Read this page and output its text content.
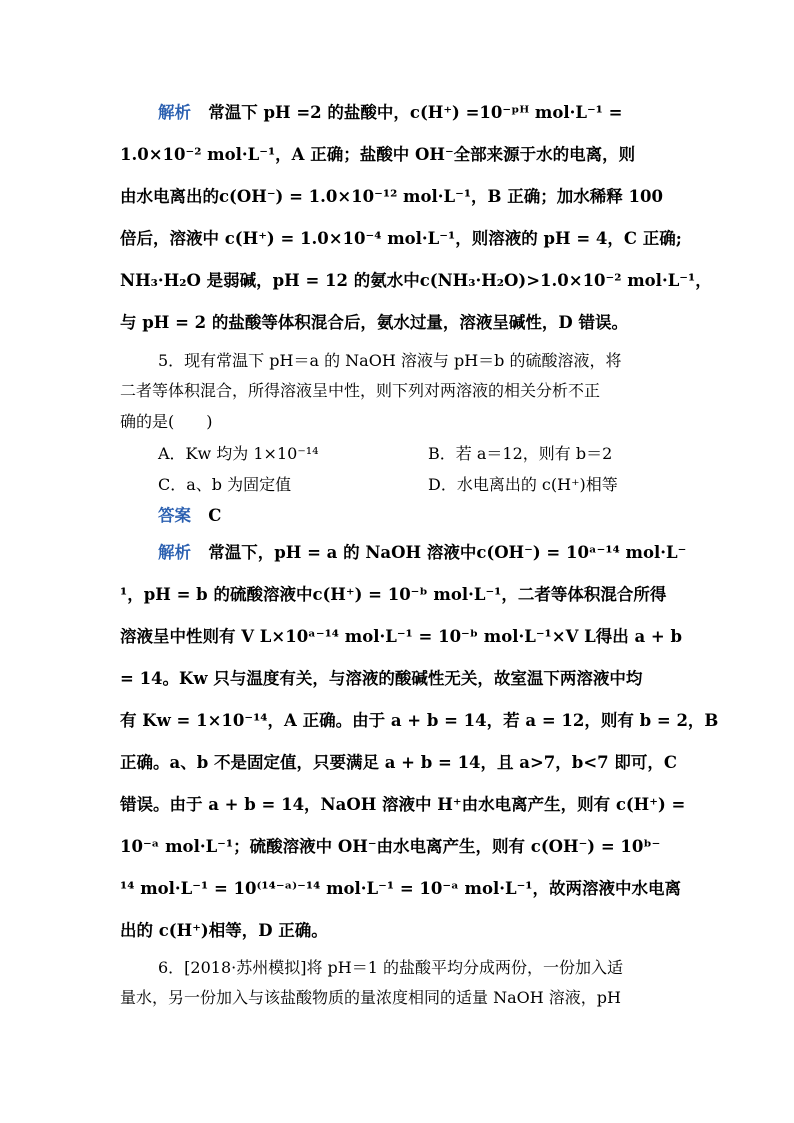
解析 常温下 pH =2 的盐酸中，c(H⁺) =10⁻ᵖᴴ mol·L⁻¹ =
1.0×10⁻² mol·L⁻¹，A 正确；盐酸中 OH⁻全部来源于水的电离，则
由水电离出的c(OH⁻) = 1.0×10⁻¹² mol·L⁻¹，B 正确；加水稀释 100
倍后，溶液中 c(H⁺) = 1.0×10⁻⁴ mol·L⁻¹，则溶液的 pH = 4，C 正确;
NH₃·H₂O 是弱碱，pH = 12 的氨水中c(NH₃·H₂O)>1.0×10⁻² mol·L⁻¹，
与 pH = 2 的盐酸等体积混合后，氨水过量，溶液呈碱性，D 错误。
5．现有常温下 pH＝a 的 NaOH 溶液与 pH＝b 的硫酸溶液，将
二者等体积混合，所得溶液呈中性，则下列对两溶液的相关分析不正
确的是(　　)
A．Kw 均为 1×10⁻¹⁴	B．若 a＝12，则有 b＝2
C．a、b 为固定值	D．水电离出的 c(H⁺)相等
答案 C
解析 常温下，pH = a 的 NaOH 溶液中c(OH⁻) = 10ᵃ⁻¹⁴ mol·L⁻
¹，pH = b 的硫酸溶液中c(H⁺) = 10⁻ᵇ mol·L⁻¹，二者等体积混合所得
溶液呈中性则有 V L×10ᵃ⁻¹⁴ mol·L⁻¹ = 10⁻ᵇ mol·L⁻¹×V L得出 a + b
= 14。Kw 只与温度有关，与溶液的酸碱性无关，故室温下两溶液中均
有 Kw = 1×10⁻¹⁴，A 正确。由于 a + b = 14，若 a = 12，则有 b = 2，B
正确。a、b 不是固定值，只要满足 a + b = 14，且 a>7，b<7 即可，C
错误。由于 a + b = 14，NaOH 溶液中 H⁺由水电离产生，则有 c(H⁺) =
10⁻ᵃ mol·L⁻¹；硫酸溶液中 OH⁻由水电离产生，则有 c(OH⁻) = 10ᵇ⁻
¹⁴ mol·L⁻¹ = 10⁽¹⁴⁻ᵃ⁾⁻¹⁴ mol·L⁻¹ = 10⁻ᵃ mol·L⁻¹，故两溶液中水电离
出的 c(H⁺)相等，D 正确。
6．[2018·苏州模拟]将 pH＝1 的盐酸平均分成两份，一份加入适
量水，另一份加入与该盐酸物质的量浓度相同的适量 NaOH 溶液，pH
